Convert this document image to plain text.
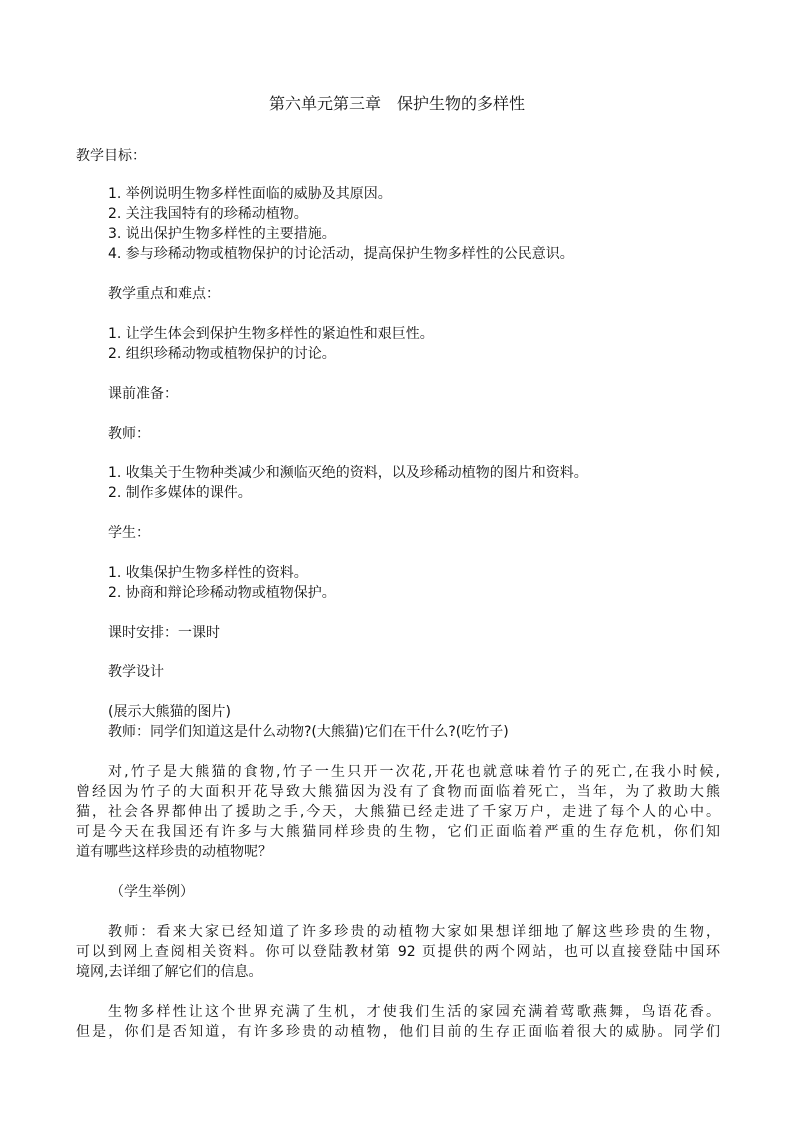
第六单元第三章　保护生物的多样性
教学目标：
1. 举例说明生物多样性面临的威胁及其原因。
2. 关注我国特有的珍稀动植物。
3. 说出保护生物多样性的主要措施。
4. 参与珍稀动物或植物保护的讨论活动，提高保护生物多样性的公民意识。
教学重点和难点：
1. 让学生体会到保护生物多样性的紧迫性和艰巨性。
2. 组织珍稀动物或植物保护的讨论。
课前准备：
教师：
1. 收集关于生物种类减少和濒临灭绝的资料，以及珍稀动植物的图片和资料。
2. 制作多媒体的课件。
学生：
1. 收集保护生物多样性的资料。
2. 协商和辩论珍稀动物或植物保护。
课时安排：一课时
教学设计
(展示大熊猫的图片)
教师：同学们知道这是什么动物?(大熊猫)它们在干什么?(吃竹子)
对,竹子是大熊猫的食物,竹子一生只开一次花,开花也就意味着竹子的死亡,在我小时候,
曾经因为竹子的大面积开花导致大熊猫因为没有了食物而面临着死亡，当年，为了救助大熊
猫，社会各界都伸出了援助之手,今天，大熊猫已经走进了千家万户，走进了每个人的心中。
可是今天在我国还有许多与大熊猫同样珍贵的生物，它们正面临着严重的生存危机，你们知
道有哪些这样珍贵的动植物呢？
（学生举例）
教师：看来大家已经知道了许多珍贵的动植物大家如果想详细地了解这些珍贵的生物，
可以到网上查阅相关资料。你可以登陆教材第 92 页提供的两个网站，也可以直接登陆中国环
境网,去详细了解它们的信息。
生物多样性让这个世界充满了生机，才使我们生活的家园充满着莺歌燕舞，鸟语花香。
但是，你们是否知道，有许多珍贵的动植物，他们目前的生存正面临着很大的威胁。同学们
